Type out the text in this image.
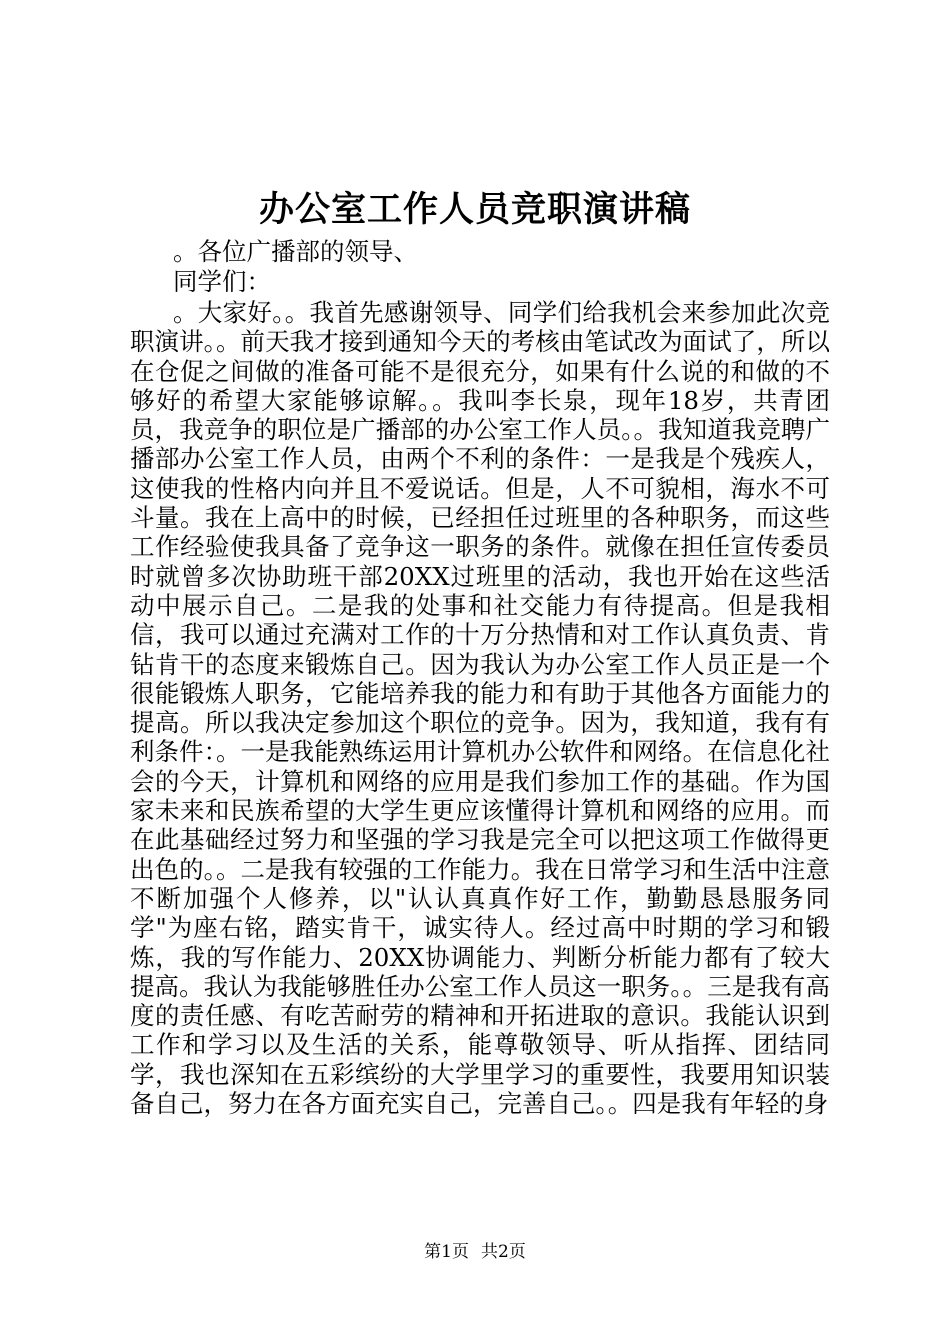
办公室工作人员竞职演讲稿
。各位广播部的领导、
同学们：

。大家好。。我首先感谢领导、同学们给我机会来参加此次竞职演讲。。前天我才接到通知今天的考核由笔试改为面试了，所以在仓促之间做的准备可能不是很充分，如果有什么说的和做的不够好的希望大家能够谅解。。我叫李长泉，现年18岁，共青团员，我竞争的职位是广播部的办公室工作人员。。我知道我竞聘广播部办公室工作人员，由两个不利的条件：一是我是个残疾人，这使我的性格内向并且不爱说话。但是，人不可貌相，海水不可斗量。我在上高中的时候，已经担任过班里的各种职务，而这些工作经验使我具备了竞争这一职务的条件。就像在担任宣传委员时就曾多次协助班干部20XX过班里的活动，我也开始在这些活动中展示自己。二是我的处事和社交能力有待提高。但是我相信，我可以通过充满对工作的十万分热情和对工作认真负责、肯钻肯干的态度来锻炼自己。因为我认为办公室工作人员正是一个很能锻炼人职务，它能培养我的能力和有助于其他各方面能力的提高。所以我决定参加这个职位的竞争。因为，我知道，我有有利条件：。一是我能熟练运用计算机办公软件和网络。在信息化社会的今天，计算机和网络的应用是我们参加工作的基础。作为国家未来和民族希望的大学生更应该懂得计算机和网络的应用。而在此基础经过努力和坚强的学习我是完全可以把这项工作做得更出色的。。二是我有较强的工作能力。我在日常学习和生活中注意不断加强个人修养，以"认认真真作好工作，勤勤恳恳服务同学"为座右铭，踏实肯干，诚实待人。经过高中时期的学习和锻炼，我的写作能力、20XX协调能力、判断分析能力都有了较大提高。我认为我能够胜任办公室工作人员这一职务。。三是我有高度的责任感、有吃苦耐劳的精神和开拓进取的意识。我能认识到工作和学习以及生活的关系，能尊敬领导、听从指挥、团结同学，我也深知在五彩缤纷的大学里学习的重要性，我要用知识装备自己，努力在各方面充实自己，完善自己。。四是我有年轻的身

第1页 共2页
